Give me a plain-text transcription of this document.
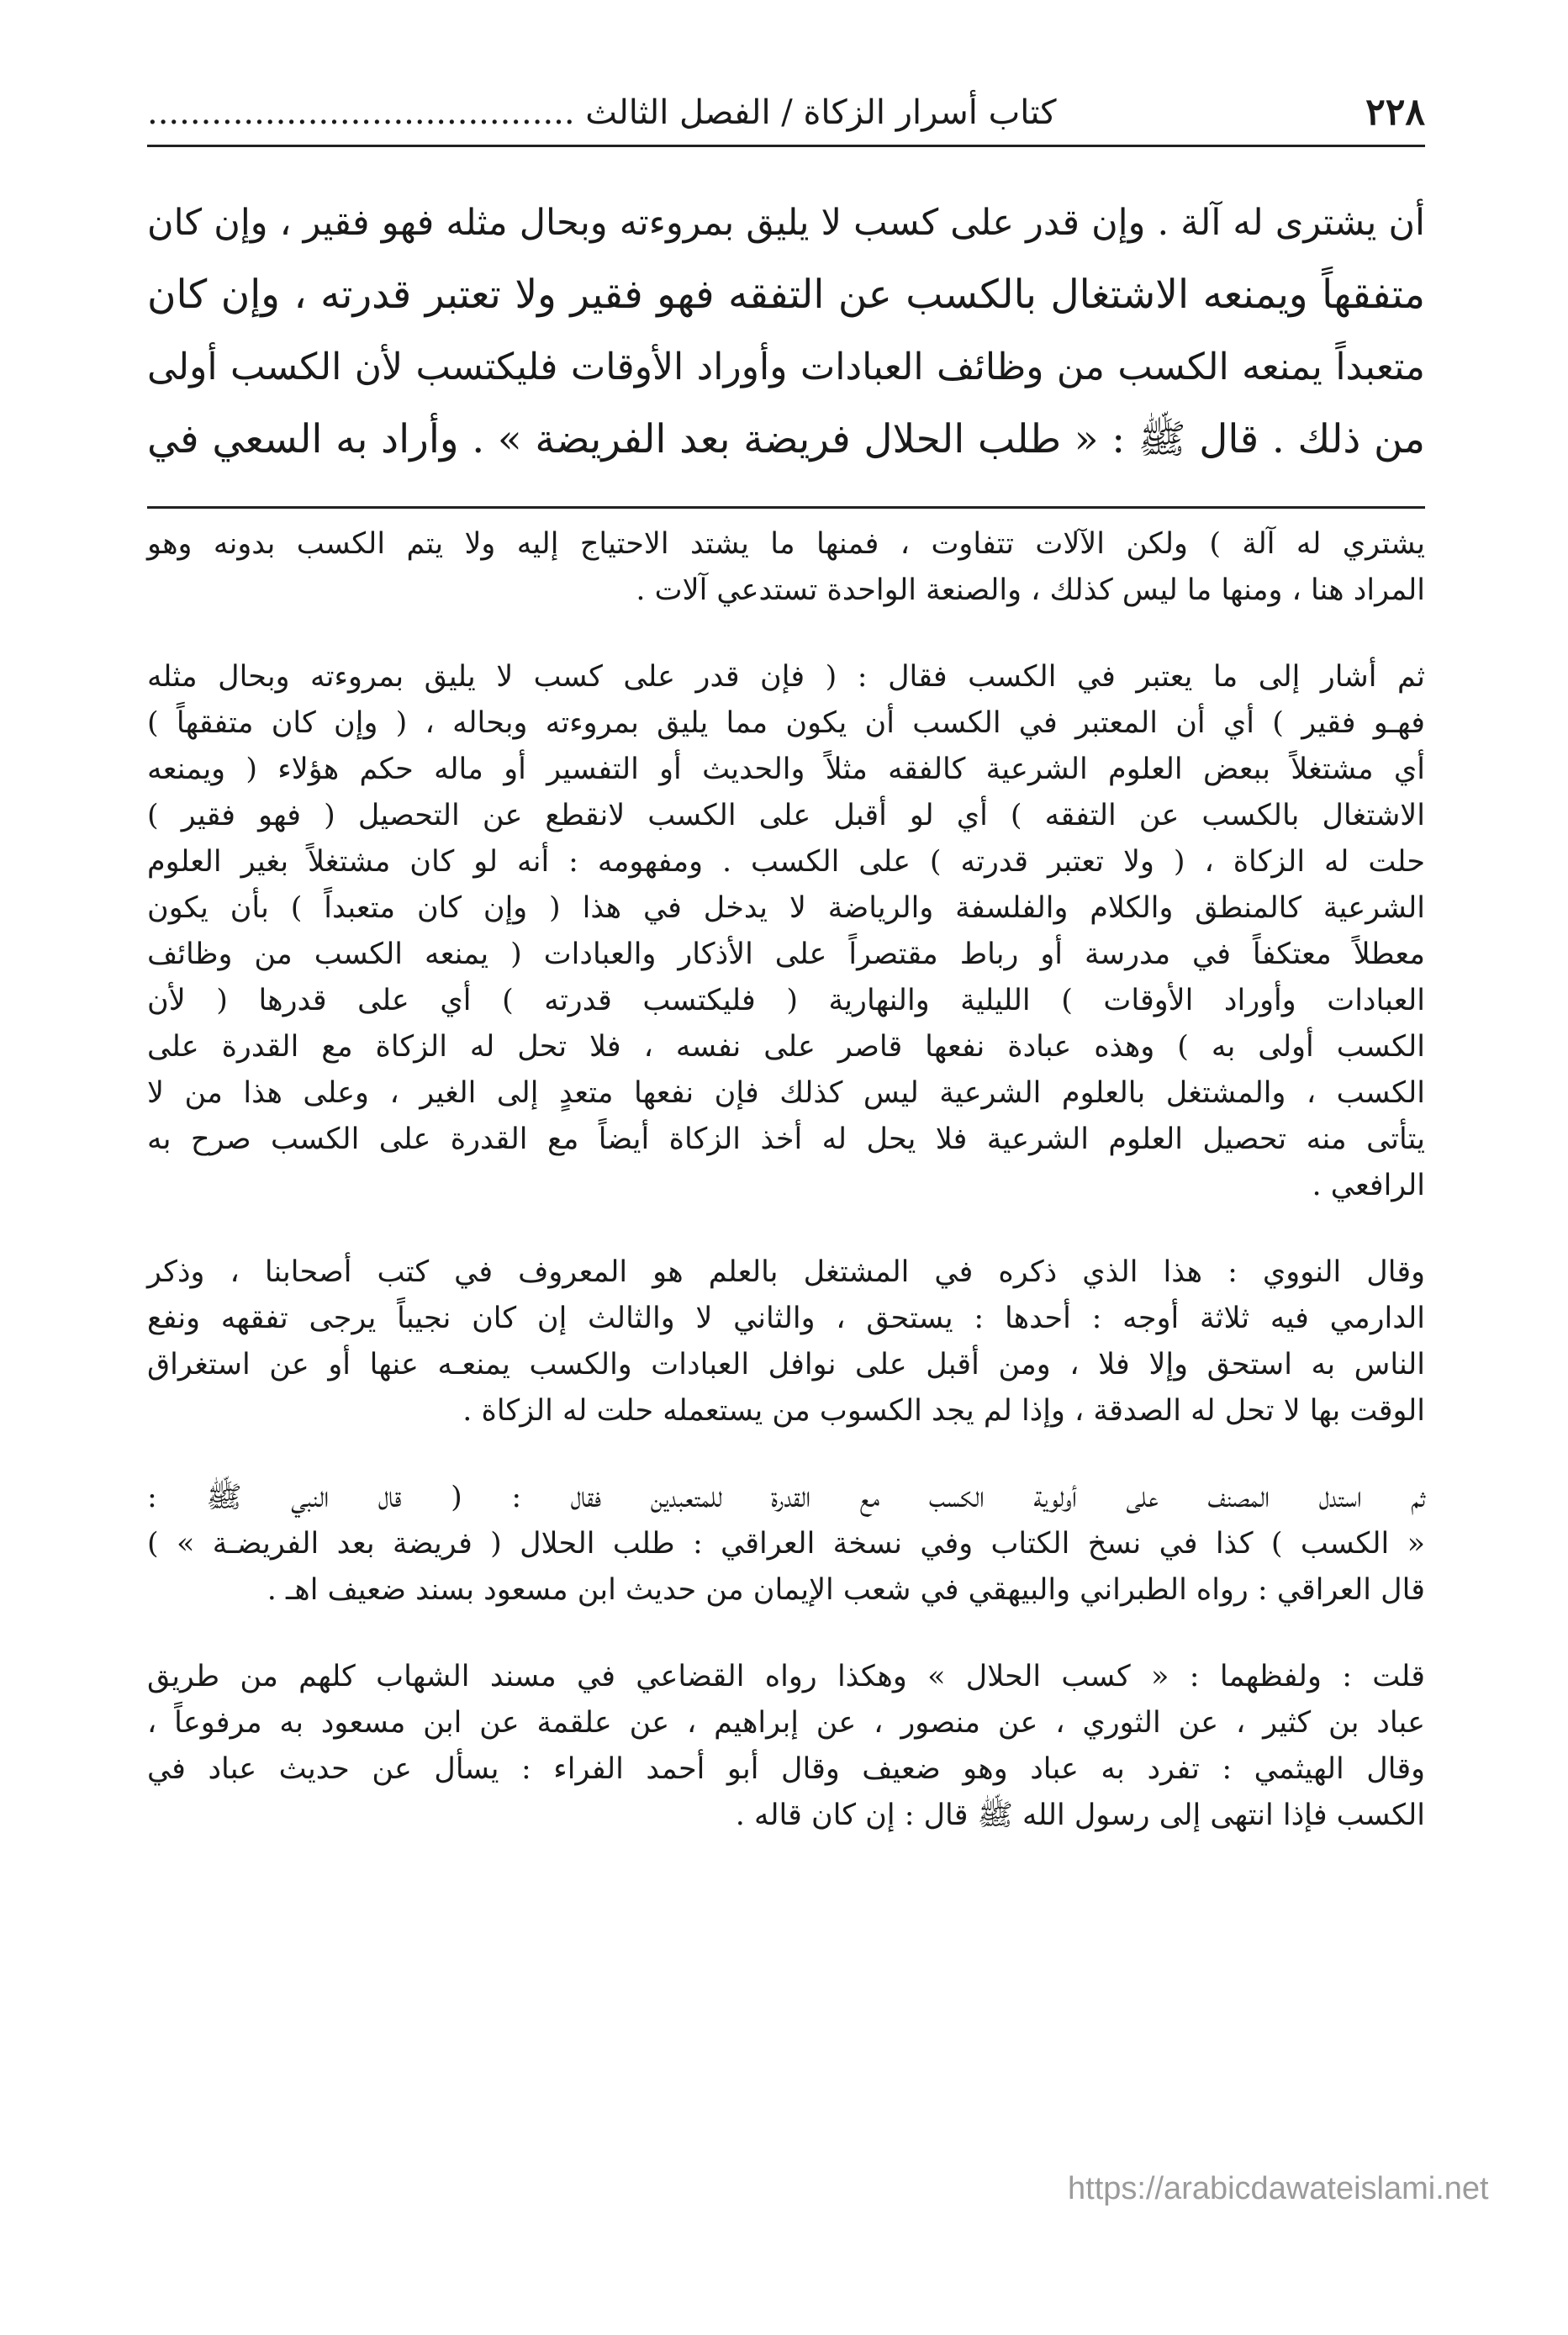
٢٢٨
كتاب أسرار الزكاة / الفصل الثالث ........................................
أن يشترى له آلة . وإن قدر على كسب لا يليق بمروءته وبحال مثله فهو فقير ، وإن كان
متفقهاً ويمنعه الاشتغال بالكسب عن التفقه فهو فقير ولا تعتبر قدرته ، وإن كان
متعبداً يمنعه الكسب من وظائف العبادات وأوراد الأوقات فليكتسب لأن الكسب أولى
من ذلك . قال ﷺ : « طلب الحلال فريضة بعد الفريضة » . وأراد به السعي في
يشتري له آلة ) ولكن الآلات تتفاوت ، فمنها ما يشتد الاحتياج إليه ولا يتم الكسب بدونه وهو
المراد هنا ، ومنها ما ليس كذلك ، والصنعة الواحدة تستدعي آلات .
ثم أشار إلى ما يعتبر في الكسب فقال : ( فإن قدر على كسب لا يليق بمروءته وبحال مثله
فهـو فقير ) أي أن المعتبر في الكسب أن يكون مما يليق بمروءته وبحاله ، ( وإن كان متفقهاً )
أي مشتغلاً ببعض العلوم الشرعية كالفقه مثلاً والحديث أو التفسير أو ماله حكم هؤلاء ( ويمنعه
الاشتغال بالكسب عن التفقه ) أي لو أقبل على الكسب لانقطع عن التحصيل ( فهو فقير )
حلت له الزكاة ، ( ولا تعتبر قدرته ) على الكسب . ومفهومه : أنه لو كان مشتغلاً بغير العلوم
الشرعية كالمنطق والكلام والفلسفة والرياضة لا يدخل في هذا ( وإن كان متعبداً ) بأن يكون
معطلاً معتكفاً في مدرسة أو رباط مقتصراً على الأذكار والعبادات ( يمنعه الكسب من وظائف
العبادات وأوراد الأوقات ) الليلية والنهارية ( فليكتسب قدرته ) أي على قدرها ( لأن
الكسب أولى به ) وهذه عبادة نفعها قاصر على نفسه ، فلا تحل له الزكاة مع القدرة على
الكسب ، والمشتغل بالعلوم الشرعية ليس كذلك فإن نفعها متعدٍ إلى الغير ، وعلى هذا من لا
يتأتى منه تحصيل العلوم الشرعية فلا يحل له أخذ الزكاة أيضاً مع القدرة على الكسب صرح به
الرافعي .
وقال النووي : هذا الذي ذكره في المشتغل بالعلم هو المعروف في كتب أصحابنا ، وذكر
الدارمي فيه ثلاثة أوجه : أحدها : يستحق ، والثاني لا والثالث إن كان نجيباً يرجى تفقهه ونفع
الناس به استحق وإلا فلا ، ومن أقبل على نوافل العبادات والكسب يمنعـه عنها أو عن استغراق
الوقت بها لا تحل له الصدقة ، وإذا لم يجد الكسوب من يستعمله حلت له الزكاة .
ثم استدل المصنف على أولوية الكسب مع القدرة للمتعبدين فقال : ( قال النبي ﷺ :
« الكسب ) كذا في نسخ الكتاب وفي نسخة العراقي : طلب الحلال ( فريضة بعد الفريضـة » )
قال العراقي : رواه الطبراني والبيهقي في شعب الإيمان من حديث ابن مسعود بسند ضعيف اهـ .
قلت : ولفظهما : « كسب الحلال » وهكذا رواه القضاعي في مسند الشهاب كلهم من طريق
عباد بن كثير ، عن الثوري ، عن منصور ، عن إبراهيم ، عن علقمة عن ابن مسعود به مرفوعاً ،
وقال الهيثمي : تفرد به عباد وهو ضعيف وقال أبو أحمد الفراء : يسأل عن حديث عباد في
الكسب فإذا انتهى إلى رسول الله ﷺ قال : إن كان قاله .
https://arabicdawateislami.net
